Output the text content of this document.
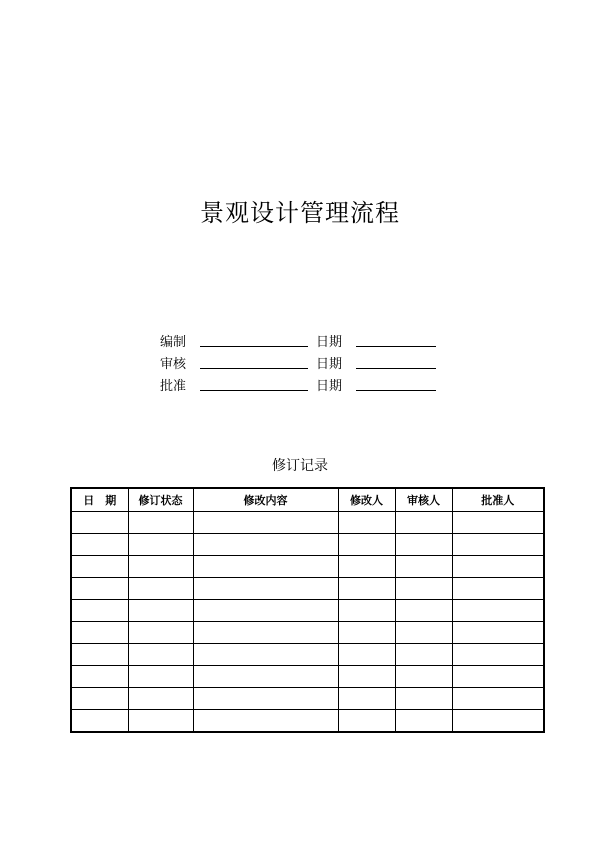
景观设计管理流程
编制	日期
审核	日期
批准	日期
修订记录
日　期	修订状态	修改内容	修改人	审核人	批准人
